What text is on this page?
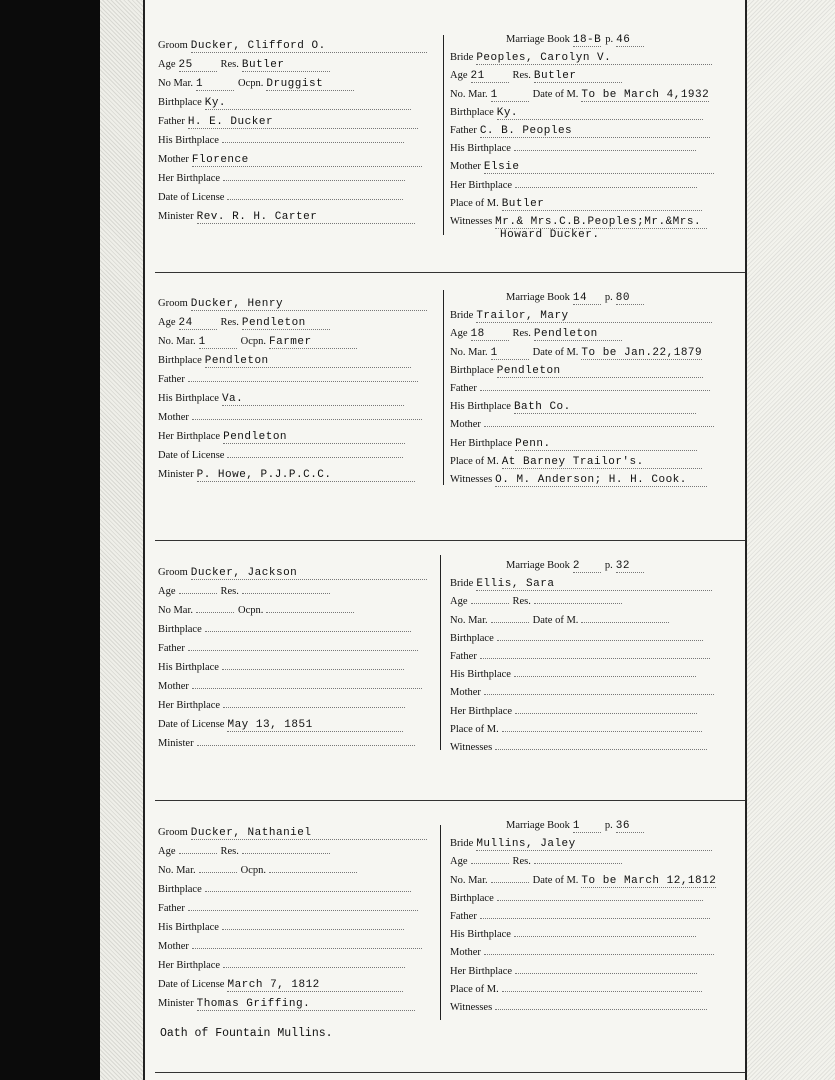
Groom Ducker, Clifford O.
Age 25	Res. Butler
No Mar. 1	Ocpn. Druggist
Birthplace Ky.
Father H. E. Ducker
His Birthplace
Mother Florence
Her Birthplace
Date of License
Minister Rev. R. H. Carter
Marriage Book 18-B p. 46
Bride Peoples, Carolyn V.
Age 21	Res. Butler
No. Mar. 1	Date of M. To be March 4,1932
Birthplace Ky.
Father C. B. Peoples
His Birthplace
Mother Elsie
Her Birthplace
Place of M. Butler
Witnesses Mr.& Mrs.C.B.Peoples;Mr.&Mrs.
Howard Ducker.
Groom Ducker, Henry
Age 24	Res. Pendleton
No. Mar. 1	Ocpn. Farmer
Birthplace Pendleton
Father
His Birthplace Va.
Mother
Her Birthplace Pendleton
Date of License
Minister P. Howe, P.J.P.C.C.
Marriage Book 14 p. 80
Bride Trailor, Mary
Age 18	Res. Pendleton
No. Mar. 1	Date of M. To be Jan.22,1879
Birthplace Pendleton
Father
His Birthplace Bath Co.
Mother
Her Birthplace Penn.
Place of M. At Barney Trailor's.
Witnesses O. M. Anderson; H. H. Cook.
Groom Ducker, Jackson
Age	Res.
No Mar.	Ocpn.
Birthplace
Father
His Birthplace
Mother
Her Birthplace
Date of License May 13, 1851
Minister
Marriage Book 2 p. 32
Bride Ellis, Sara
Age	Res.
No. Mar.	Date of M.
Birthplace
Father
His Birthplace
Mother
Her Birthplace
Place of M.
Witnesses
Groom Ducker, Nathaniel
Age	Res.
No. Mar.	Ocpn.
Birthplace
Father
His Birthplace
Mother
Her Birthplace
Date of License March 7, 1812
Minister Thomas Griffing.
Marriage Book 1 p. 36
Bride Mullins, Jaley
Age	Res.
No. Mar.	Date of M. To be March 12,1812
Birthplace
Father
His Birthplace
Mother
Her Birthplace
Place of M.
Witnesses
Oath of Fountain Mullins.
